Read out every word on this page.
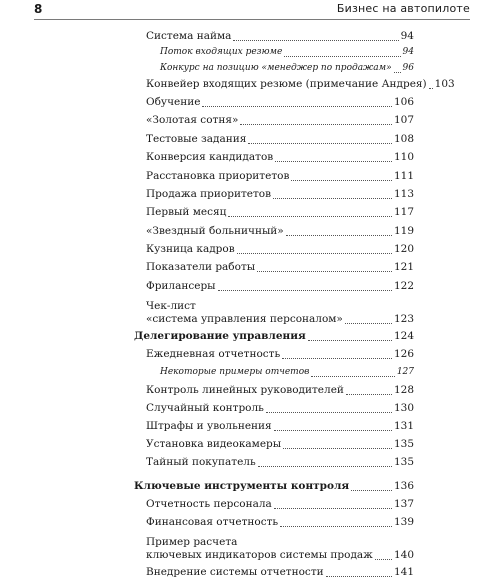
8	Бизнес на автопилоте
Система найма	94
Поток входящих резюме	94
Конкурс на позицию «менеджер по продажам» 96
Конвейер входящих резюме (примечание Андрея) 103
Обучение	106
«Золотая сотня»	107
Тестовые задания	108
Конверсия кандидатов	110
Расстановка приоритетов	111
Продажа приоритетов	113
Первый месяц	117
«Звездный больничный»	119
Кузница кадров	120
Показатели работы	121
Фрилансеры	122
Чек-лист
«система управления персоналом»	123
Делегирование управления	124
Ежедневная отчетность	126
Некоторые примеры отчетов	127
Контроль линейных руководителей	128
Случайный контроль	130
Штрафы и увольнения	131
Установка видеокамеры	135
Тайный покупатель	135
Ключевые инструменты контроля	136
Отчетность персонала	137
Финансовая отчетность	139
Пример расчета
ключевых индикаторов системы продаж 140
Внедрение системы отчетности	141
